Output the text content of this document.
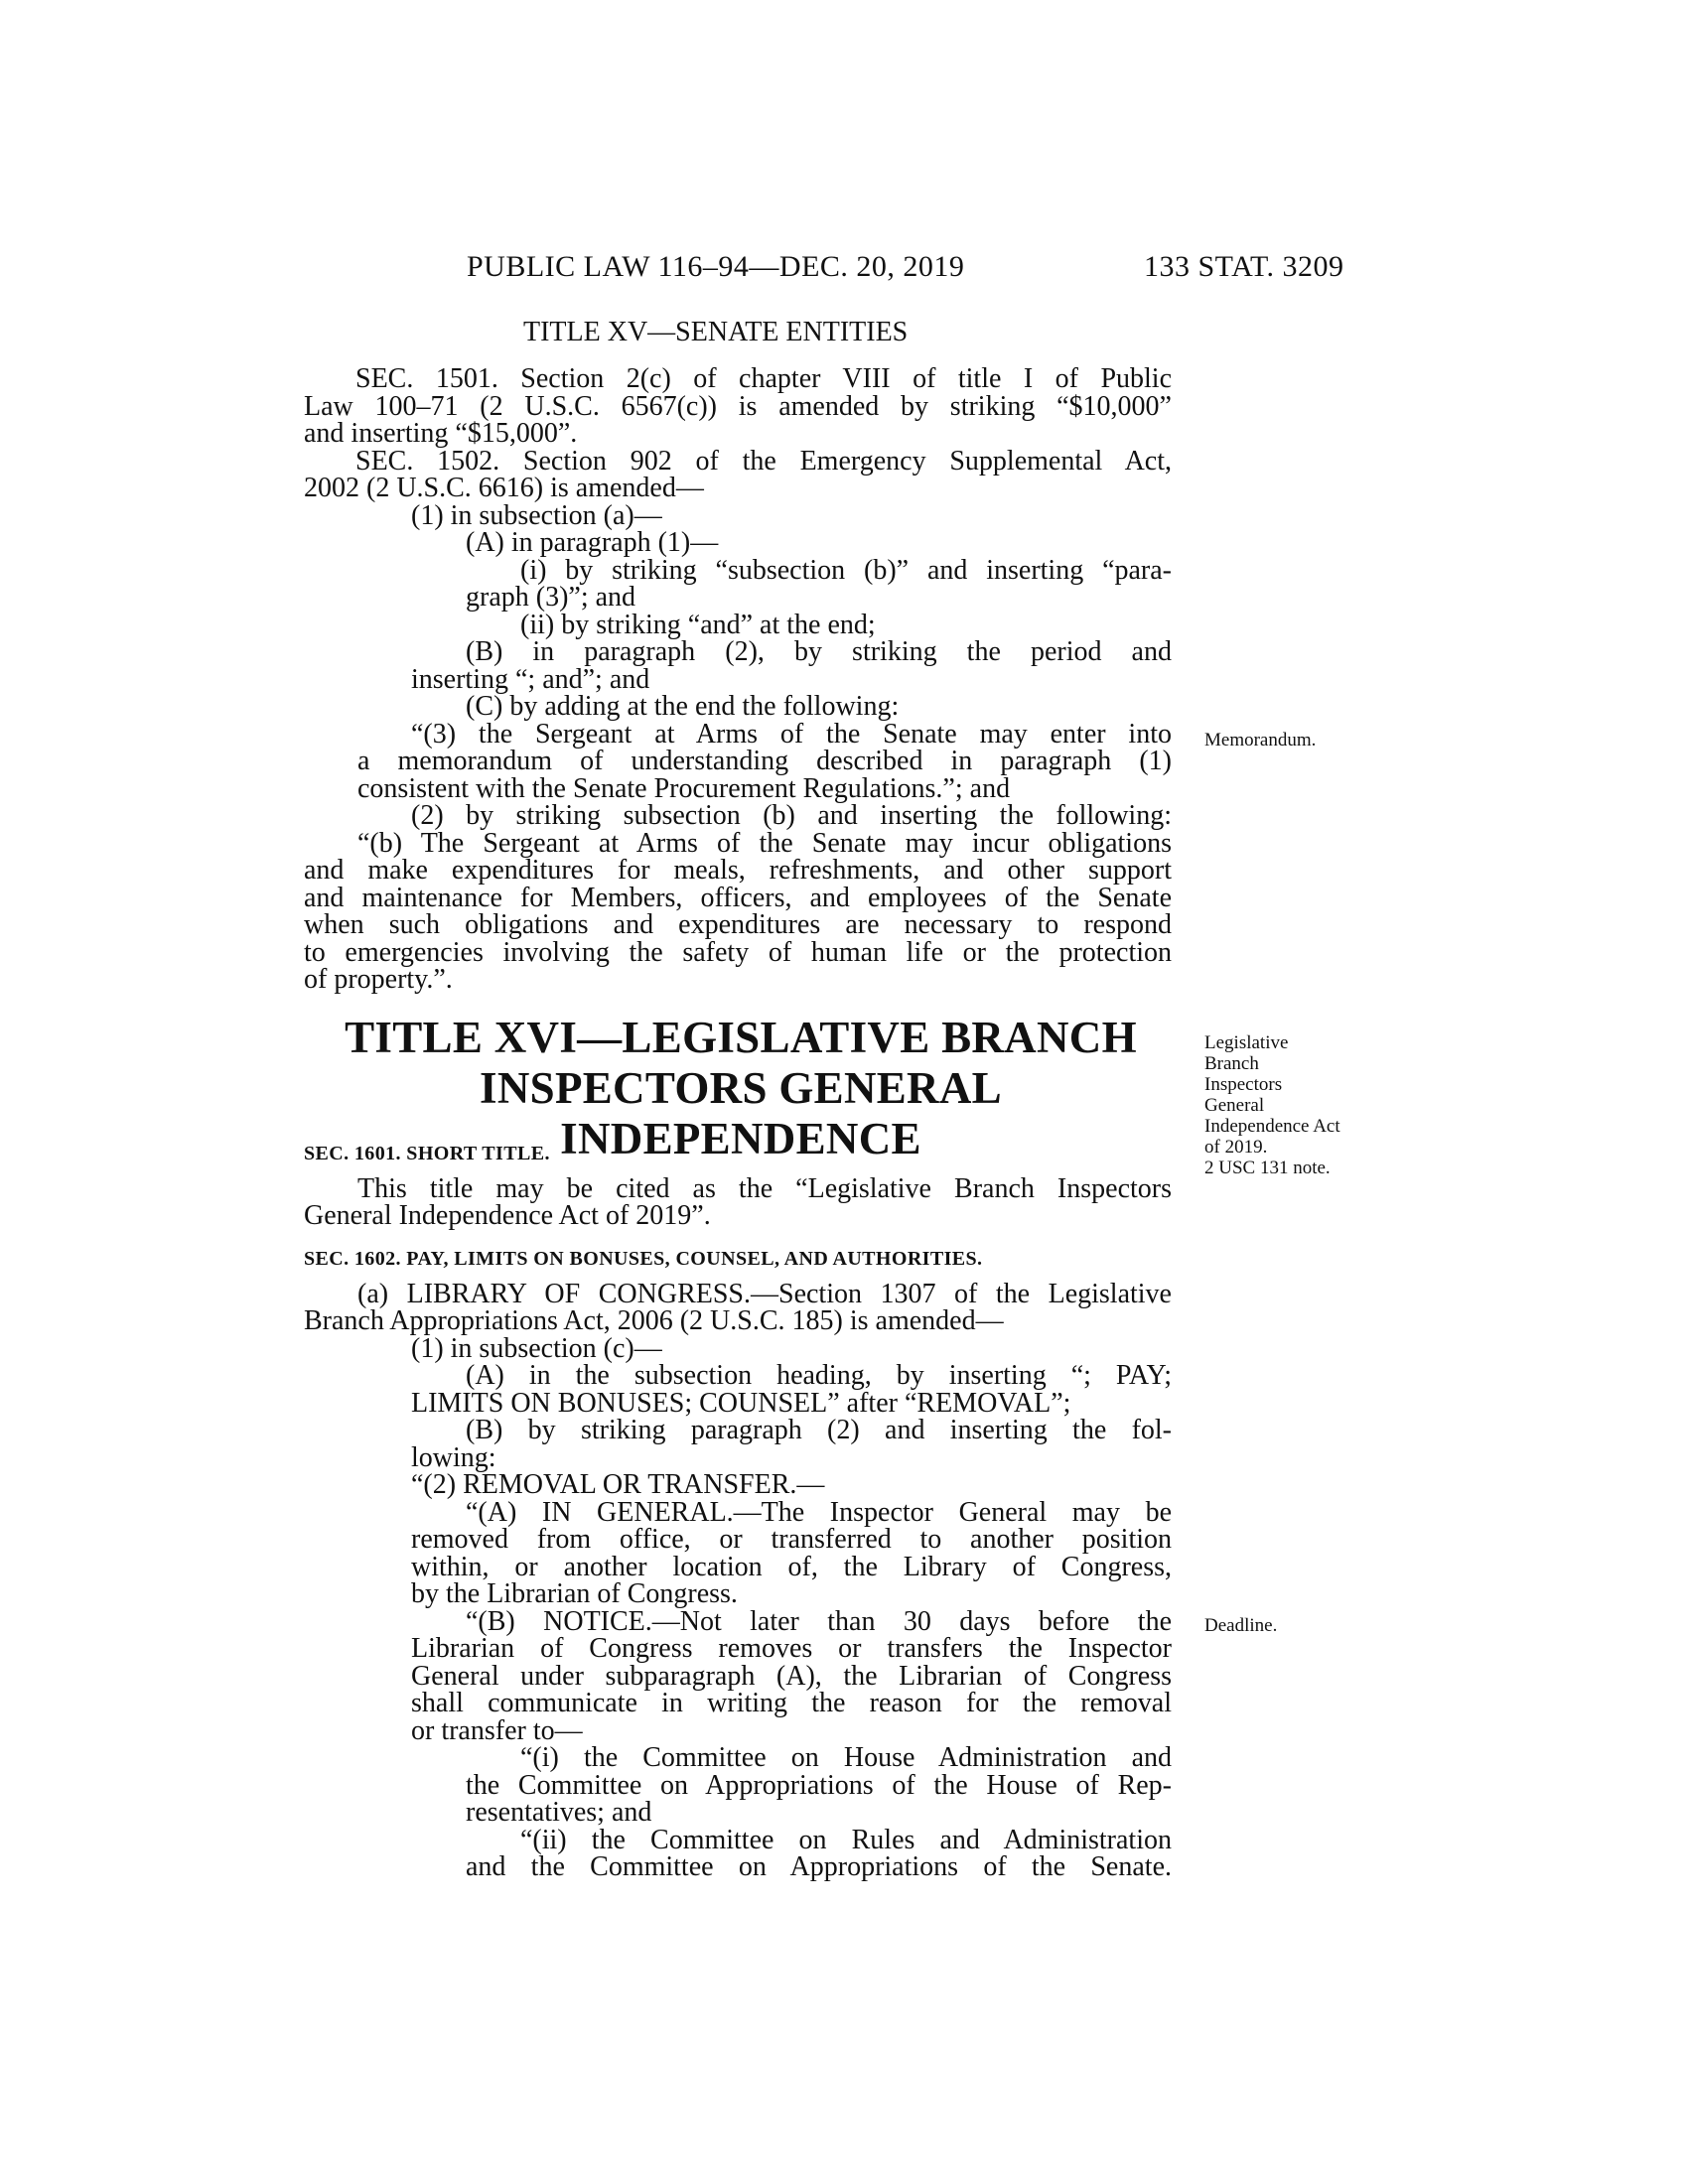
PUBLIC LAW 116–94—DEC. 20, 2019	133 STAT. 3209
TITLE XV—SENATE ENTITIES
SEC. 1501. Section 2(c) of chapter VIII of title I of Public
Law 100–71 (2 U.S.C. 6567(c)) is amended by striking “$10,000”
and inserting “$15,000”.
SEC. 1502. Section 902 of the Emergency Supplemental Act,
2002 (2 U.S.C. 6616) is amended—
(1) in subsection (a)—
(A) in paragraph (1)—
(i) by striking “subsection (b)” and inserting “para-
graph (3)”; and
(ii) by striking “and” at the end;
(B) in paragraph (2), by striking the period and
inserting “; and”; and
(C) by adding at the end the following:
“(3) the Sergeant at Arms of the Senate may enter into
a memorandum of understanding described in paragraph (1)
consistent with the Senate Procurement Regulations.”; and
(2) by striking subsection (b) and inserting the following:
“(b) The Sergeant at Arms of the Senate may incur obligations
and make expenditures for meals, refreshments, and other support
and maintenance for Members, officers, and employees of the Senate
when such obligations and expenditures are necessary to respond
to emergencies involving the safety of human life or the protection
of property.”.
TITLE XVI—LEGISLATIVE BRANCH
INSPECTORS GENERAL INDEPENDENCE
SEC. 1601. SHORT TITLE.
This title may be cited as the “Legislative Branch Inspectors
General Independence Act of 2019”.
SEC. 1602. PAY, LIMITS ON BONUSES, COUNSEL, AND AUTHORITIES.
(a) LIBRARY OF CONGRESS.—Section 1307 of the Legislative
Branch Appropriations Act, 2006 (2 U.S.C. 185) is amended—
(1) in subsection (c)—
(A) in the subsection heading, by inserting “; PAY;
LIMITS ON BONUSES; COUNSEL” after “REMOVAL”;
(B) by striking paragraph (2) and inserting the fol-
lowing:
“(2) REMOVAL OR TRANSFER.—
“(A) IN GENERAL.—The Inspector General may be
removed from office, or transferred to another position
within, or another location of, the Library of Congress,
by the Librarian of Congress.
“(B) NOTICE.—Not later than 30 days before the
Librarian of Congress removes or transfers the Inspector
General under subparagraph (A), the Librarian of Congress
shall communicate in writing the reason for the removal
or transfer to—
“(i) the Committee on House Administration and
the Committee on Appropriations of the House of Rep-
resentatives; and
“(ii) the Committee on Rules and Administration
and the Committee on Appropriations of the Senate.
Memorandum.
Legislative
Branch
Inspectors
General
Independence Act
of 2019.
2 USC 131 note.
Deadline.
